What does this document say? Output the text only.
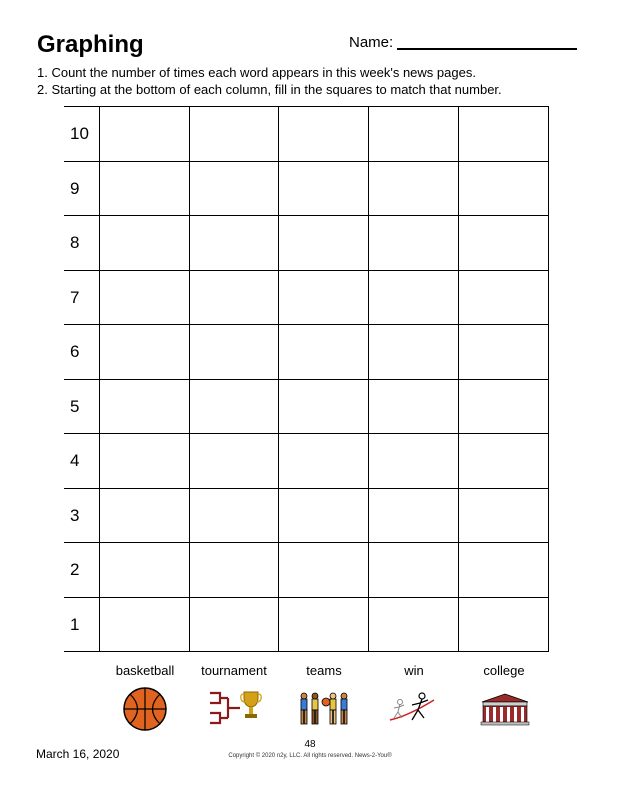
Graphing	Name:
1. Count the number of times each word appears in this week's news pages.
2. Starting at the bottom of each column, fill in the squares to match that number.
10
9
8
7
6
5
4
3
2
1
basketball	tournament	teams	win	college
March 16, 2020
48
Copyright © 2020 n2y, LLC. All rights reserved. News-2-You®
